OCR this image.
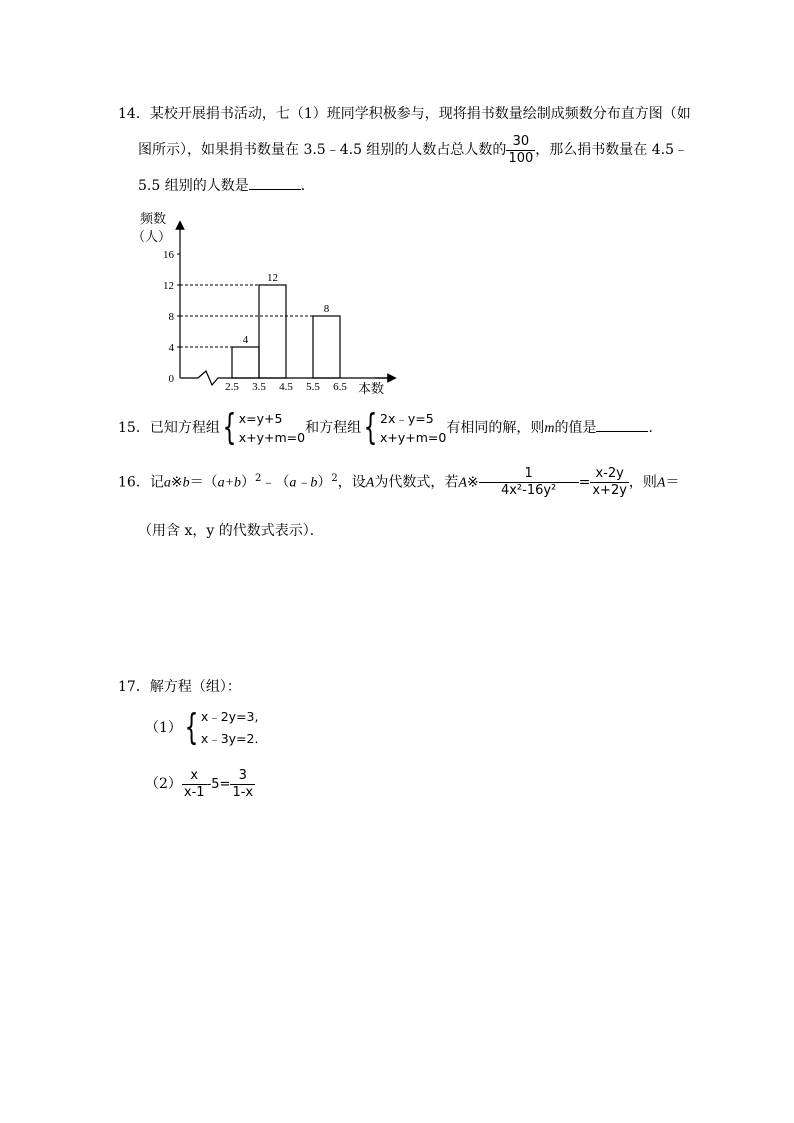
14．某校开展捐书活动，七（1）班同学积极参与，现将捐书数量绘制成频数分布直方图（如
图所示），如果捐书数量在 3.5﹣4.5 组别的人数占总人数的 $\frac{30}{100}$ ，那么捐书数量在 4.5﹣
5.5 组别的人数是	．
频数
（人）
本数
0
4
8
12
16
4
12
8
2.5 3.5 4.5 5.5 6.5
15．已知方程组{ x=y+5
x+y+m=0
和方程组{ 2x﹣y=5
x+y+m=0
有相同的解，则m的值是	．
16．记$a※b=(a+b)^2﹣(a﹣b)^2$，设A为代数式，若A※ $\frac{1}{\text{4x²-16y²}} = \frac{x-2y}{x+2y}$ ，则A＝
（用含 x，y 的代数式表示）．
17．解方程（组）：
（1）{ x﹣2y=3,
x﹣3y=2.
$(2) \frac{x}{x-1} -5= \frac{3}{1-x}$
